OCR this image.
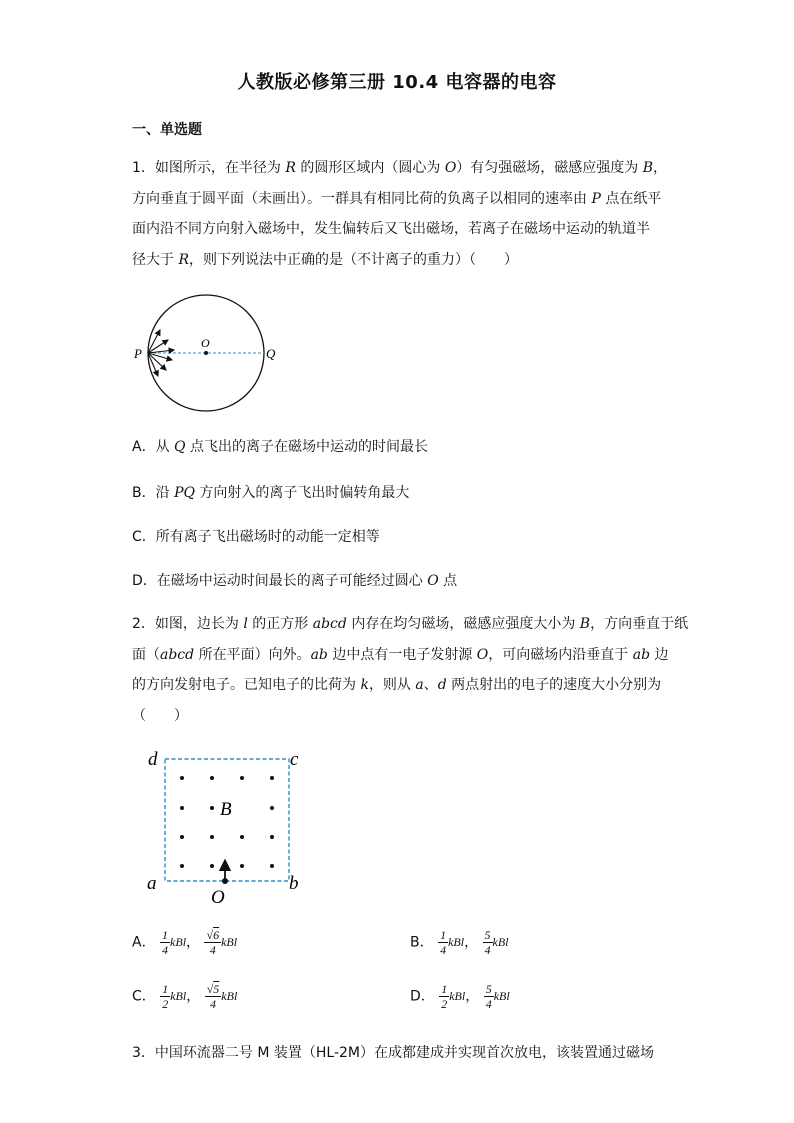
人教版必修第三册 10.4 电容器的电容
一、单选题
1．如图所示，在半径为 R 的圆形区域内（圆心为 O）有匀强磁场，磁感应强度为 B，
方向垂直于圆平面（未画出）。一群具有相同比荷的负离子以相同的速率由 P 点在纸平
面内沿不同方向射入磁场中，发生偏转后又飞出磁场，若离子在磁场中运动的轨道半
径大于 R，则下列说法中正确的是（不计离子的重力）（　　）
P
O
Q
A．从 Q 点飞出的离子在磁场中运动的时间最长
B．沿 PQ 方向射入的离子飞出时偏转角最大
C．所有离子飞出磁场时的动能一定相等
D．在磁场中运动时间最长的离子可能经过圆心 O 点
2．如图，边长为 l 的正方形 abcd 内存在均匀磁场，磁感应强度大小为 B，方向垂直于纸
面（abcd 所在平面）向外。ab 边中点有一电子发射源 O，可向磁场内沿垂直于 ab 边
的方向发射电子。已知电子的比荷为 k，则从 a、d 两点射出的电子的速度大小分别为
（　　）
d	c
a	b
B
O
A． $\frac{1}{4}$ kBl， $\frac{√6}{4}$ kBl	B． $\frac{1}{4}$ kBl， $\frac{5}{4}$ kBl
C． $\frac{1}{2}$ kBl， $\frac{√5}{4}$ kBl	D． $\frac{1}{2}$ kBl， $\frac{5}{4}$ kBl
3．中国环流器二号 M 装置（HL-2M）在成都建成并实现首次放电，该装置通过磁场
